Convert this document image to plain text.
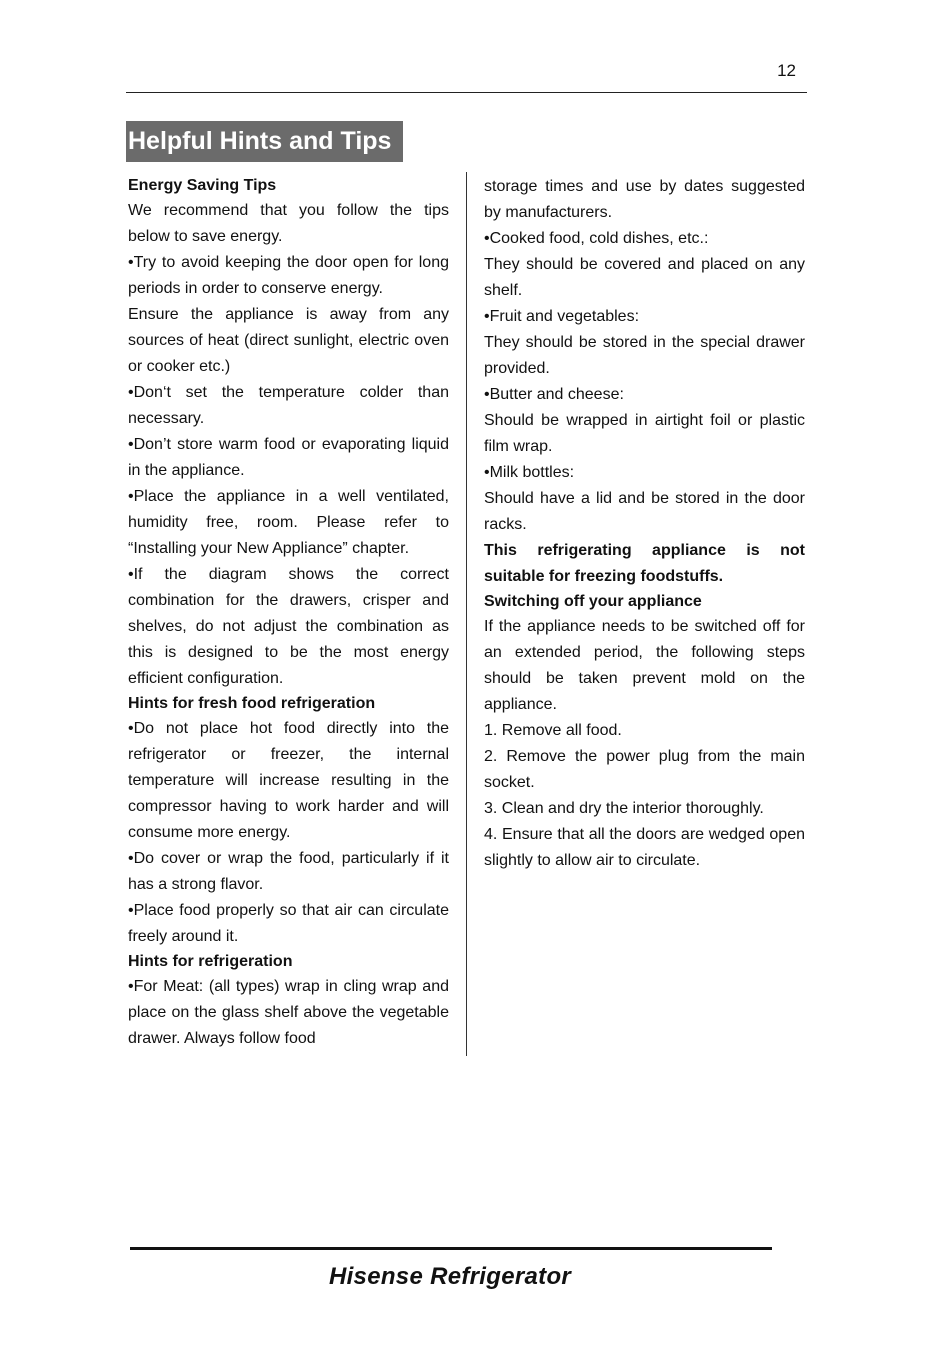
12
Helpful Hints and Tips

Energy Saving Tips

We recommend that you follow the tips below to save energy.

•Try to avoid keeping the door open for long periods in order to conserve energy.

Ensure the appliance is away from any sources of heat (direct sunlight, electric oven or cooker etc.)

•Don‘t set the temperature colder than necessary.

•Don’t store warm food or evaporating liquid in the appliance.

•Place the appliance in a well ventilated, humidity free, room. Please refer to “Installing your New Appliance” chapter.

•If the diagram shows the correct combination for the drawers, crisper and shelves, do not adjust the combination as this is designed to be the most energy efficient configuration.

Hints for fresh food refrigeration

•Do not place hot food directly into the refrigerator or freezer, the internal temperature will increase resulting in the compressor having to work harder and will consume more energy.

•Do cover or wrap the food, particularly if it has a strong flavor.

•Place food properly so that air can circulate freely around it.

Hints for refrigeration

•For Meat: (all types) wrap in cling wrap and place on the glass shelf above the vegetable drawer. Always follow food

storage times and use by dates suggested by manufacturers.

•Cooked food, cold dishes, etc.:

They should be covered and placed on any shelf.

•Fruit and vegetables:

They should be stored in the special drawer provided.

•Butter and cheese:

Should be wrapped in airtight foil or plastic film wrap.

•Milk bottles:

Should have a lid and be stored in the door racks.

This refrigerating appliance is not suitable for freezing foodstuffs.

Switching off your appliance

If the appliance needs to be switched off for an extended period, the following steps should be taken prevent mold on the appliance.

1. Remove all food.

2. Remove the power plug from the main socket.

3. Clean and dry the interior thoroughly.

4. Ensure that all the doors are wedged open slightly to allow air to circulate.

Hisense Refrigerator
